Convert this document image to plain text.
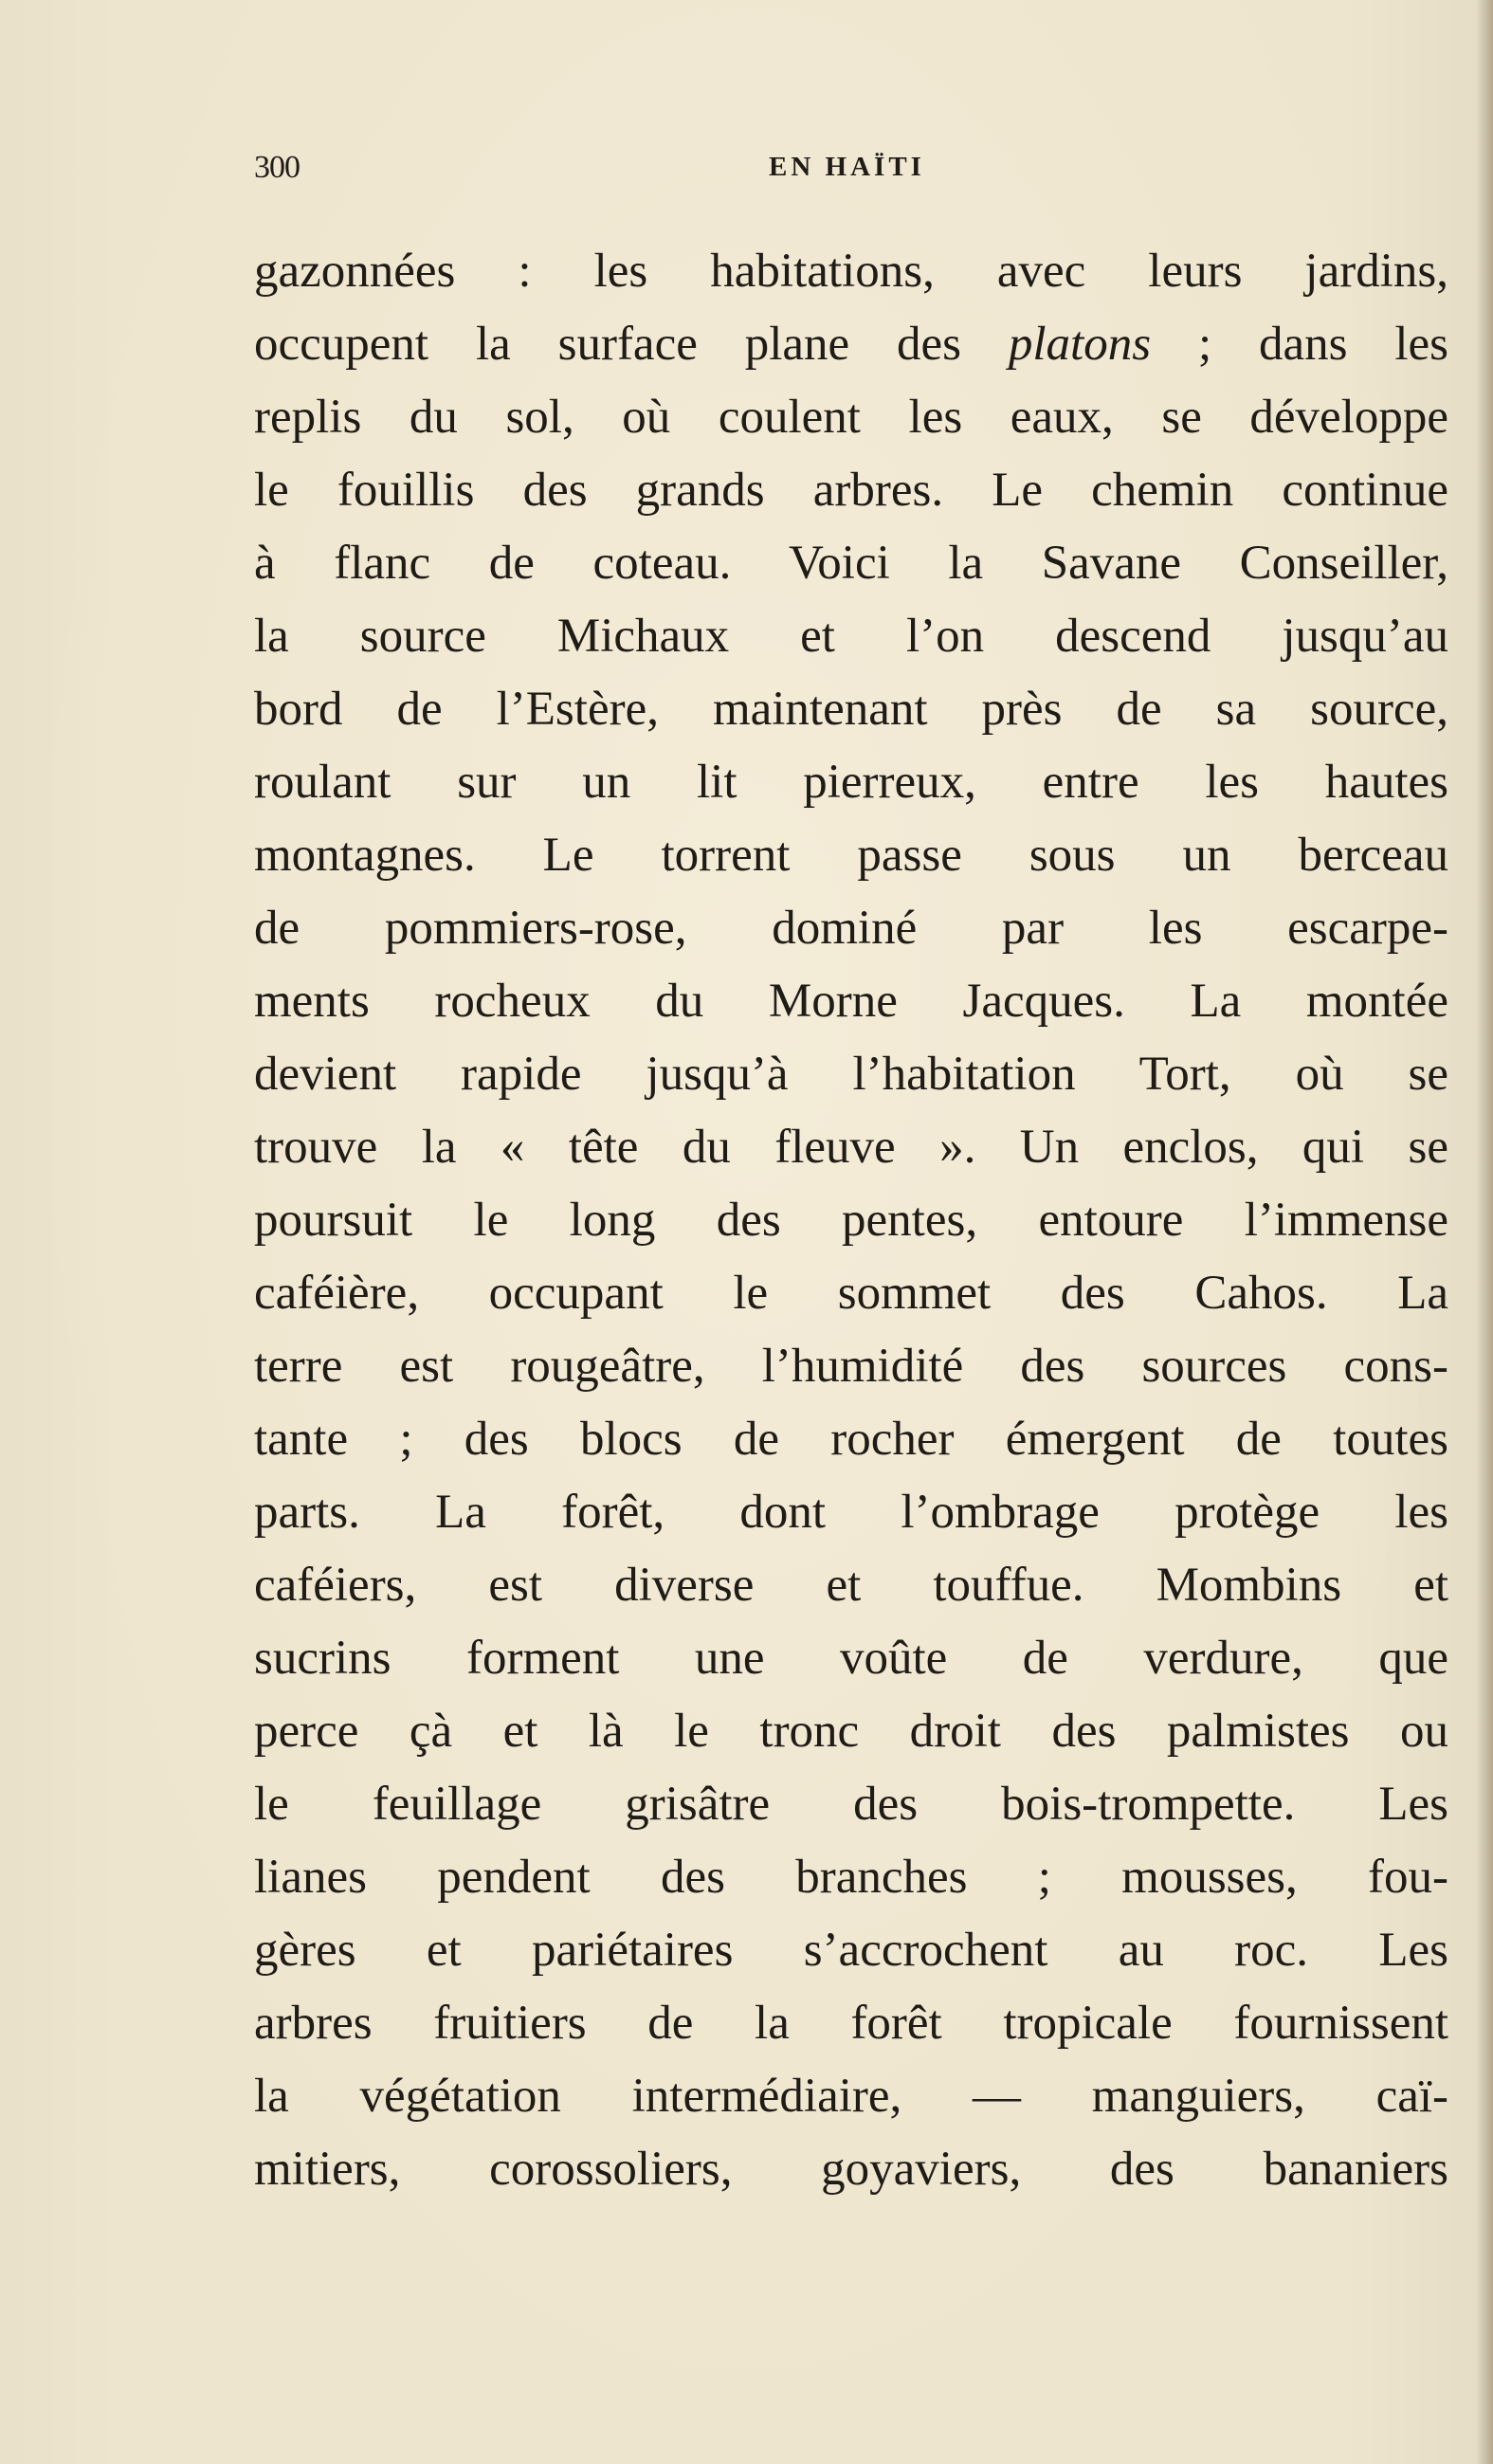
300	EN HAÏTI
gazonnées : les habitations, avec leurs jardins,
occupent la surface plane des platons ; dans les
replis du sol, où coulent les eaux, se développe
le fouillis des grands arbres. Le chemin continue
à flanc de coteau. Voici la Savane Conseiller,
la source Michaux et l’on descend jusqu’au
bord de l’Estère, maintenant près de sa source,
roulant sur un lit pierreux, entre les hautes
montagnes. Le torrent passe sous un berceau
de pommiers-rose, dominé par les escarpe-
ments rocheux du Morne Jacques. La montée
devient rapide jusqu’à l’habitation Tort, où se
trouve la « tête du fleuve ». Un enclos, qui se
poursuit le long des pentes, entoure l’immense
caféière, occupant le sommet des Cahos. La
terre est rougeâtre, l’humidité des sources cons-
tante ; des blocs de rocher émergent de toutes
parts. La forêt, dont l’ombrage protège les
caféiers, est diverse et touffue. Mombins et
sucrins forment une voûte de verdure, que
perce çà et là le tronc droit des palmistes ou
le feuillage grisâtre des bois-trompette. Les
lianes pendent des branches ; mousses, fou-
gères et pariétaires s’accrochent au roc. Les
arbres fruitiers de la forêt tropicale fournissent
la végétation intermédiaire, — manguiers, caï-
mitiers, corossoliers, goyaviers, des bananiers
